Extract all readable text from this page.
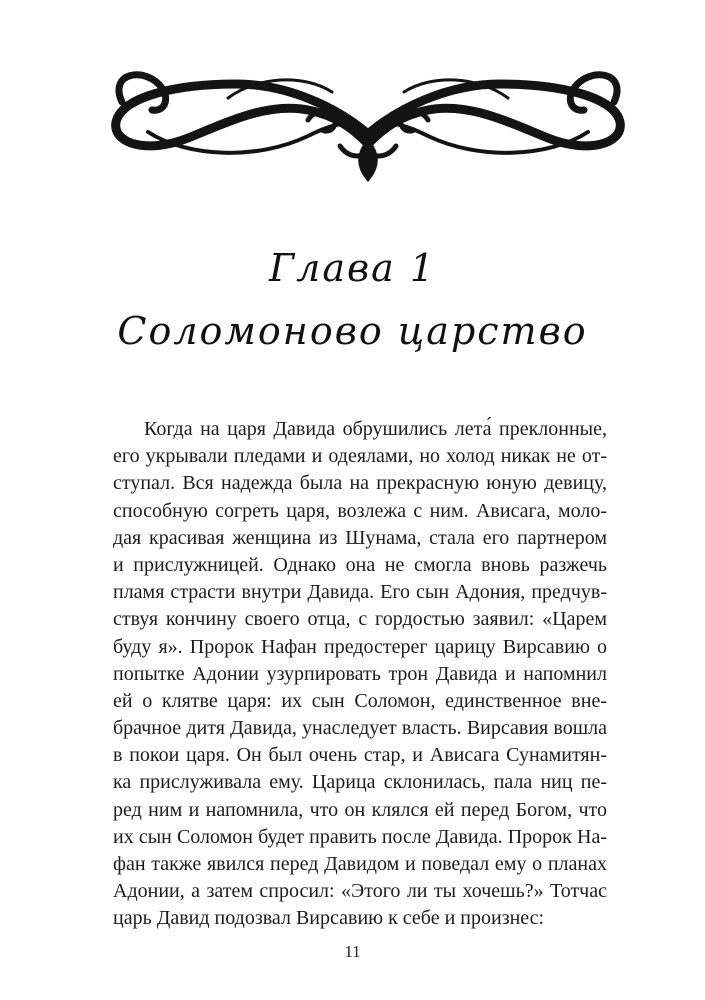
Глава 1
Соломоново царство
Когда на царя Давида обрушились лета́ преклонные,
его укрывали пледами и одеялами, но холод никак не от-
ступал. Вся надежда была на прекрасную юную девицу,
способную согреть царя, возлежа с ним. Ависага, моло-
дая красивая женщина из Шунама, стала его партнером
и прислужницей. Однако она не смогла вновь разжечь
пламя страсти внутри Давида. Его сын Адония, предчув-
ствуя кончину своего отца, с гордостью заявил: «Царем
буду я». Пророк Нафан предостерег царицу Вирсавию о
попытке Адонии узурпировать трон Давида и напомнил
ей о клятве царя: их сын Соломон, единственное вне-
брачное дитя Давида, унаследует власть. Вирсавия вошла
в покои царя. Он был очень стар, и Ависага Сунамитян-
ка прислуживала ему. Царица склонилась, пала ниц пе-
ред ним и напомнила, что он клялся ей перед Богом, что
их сын Соломон будет править после Давида. Пророк На-
фан также явился перед Давидом и поведал ему о планах
Адонии, а затем спросил: «Этого ли ты хочешь?» Тотчас
царь Давид подозвал Вирсавию к себе и произнес:
11
